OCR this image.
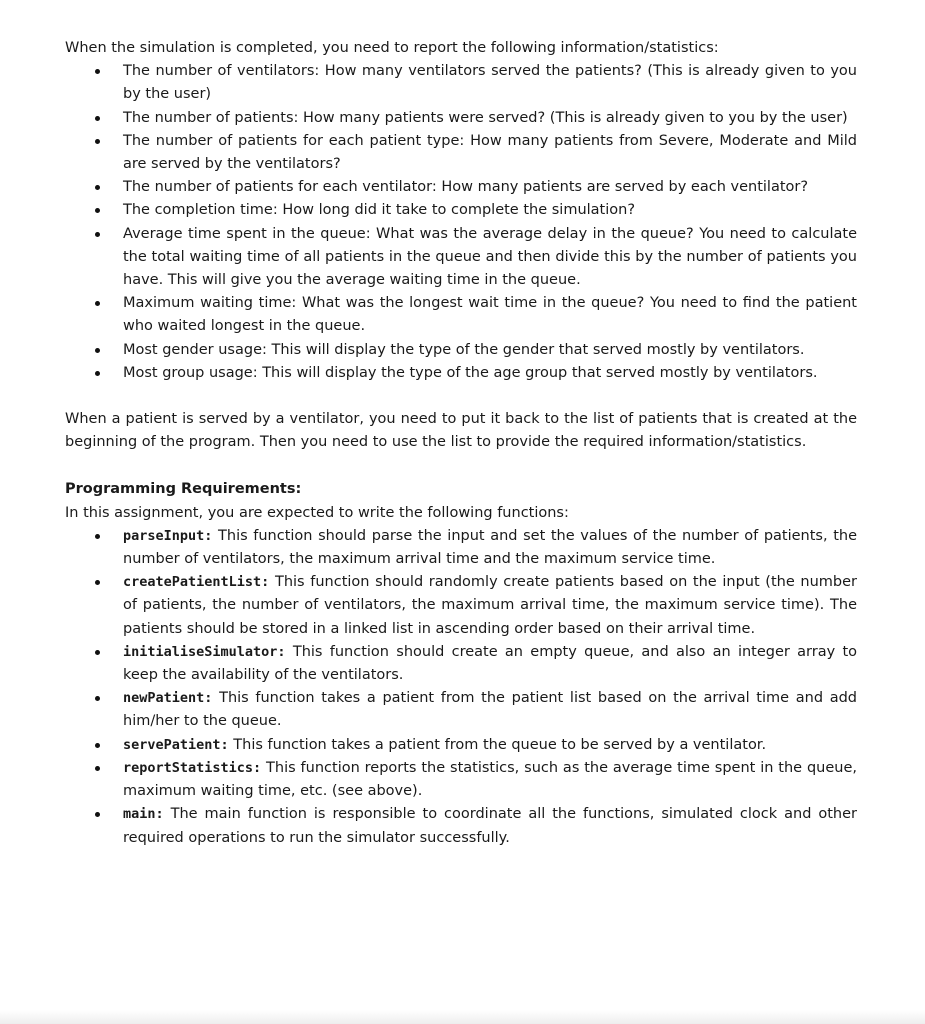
When the simulation is completed, you need to report the following information/statistics:

The number of ventilators: How many ventilators served the patients? (This is already given to you by the user)
The number of patients: How many patients were served? (This is already given to you by the user)
The number of patients for each patient type: How many patients from Severe, Moderate and Mild are served by the ventilators?
The number of patients for each ventilator: How many patients are served by each ventilator?
The completion time: How long did it take to complete the simulation?
Average time spent in the queue: What was the average delay in the queue? You need to calculate the total waiting time of all patients in the queue and then divide this by the number of patients you have. This will give you the average waiting time in the queue.
Maximum waiting time: What was the longest wait time in the queue? You need to find the patient who waited longest in the queue.
Most gender usage: This will display the type of the gender that served mostly by ventilators.
Most group usage: This will display the type of the age group that served mostly by ventilators.

When a patient is served by a ventilator, you need to put it back to the list of patients that is created at the beginning of the program. Then you need to use the list to provide the required information/statistics.

Programming Requirements:

In this assignment, you are expected to write the following functions:

parseInput: This function should parse the input and set the values of the number of patients, the number of ventilators, the maximum arrival time and the maximum service time.
createPatientList: This function should randomly create patients based on the input (the number of patients, the number of ventilators, the maximum arrival time, the maximum service time). The patients should be stored in a linked list in ascending order based on their arrival time.
initialiseSimulator: This function should create an empty queue, and also an integer array to keep the availability of the ventilators.
newPatient: This function takes a patient from the patient list based on the arrival time and add him/her to the queue.
servePatient: This function takes a patient from the queue to be served by a ventilator.
reportStatistics: This function reports the statistics, such as the average time spent in the queue, maximum waiting time, etc. (see above).
main: The main function is responsible to coordinate all the functions, simulated clock and other required operations to run the simulator successfully.
